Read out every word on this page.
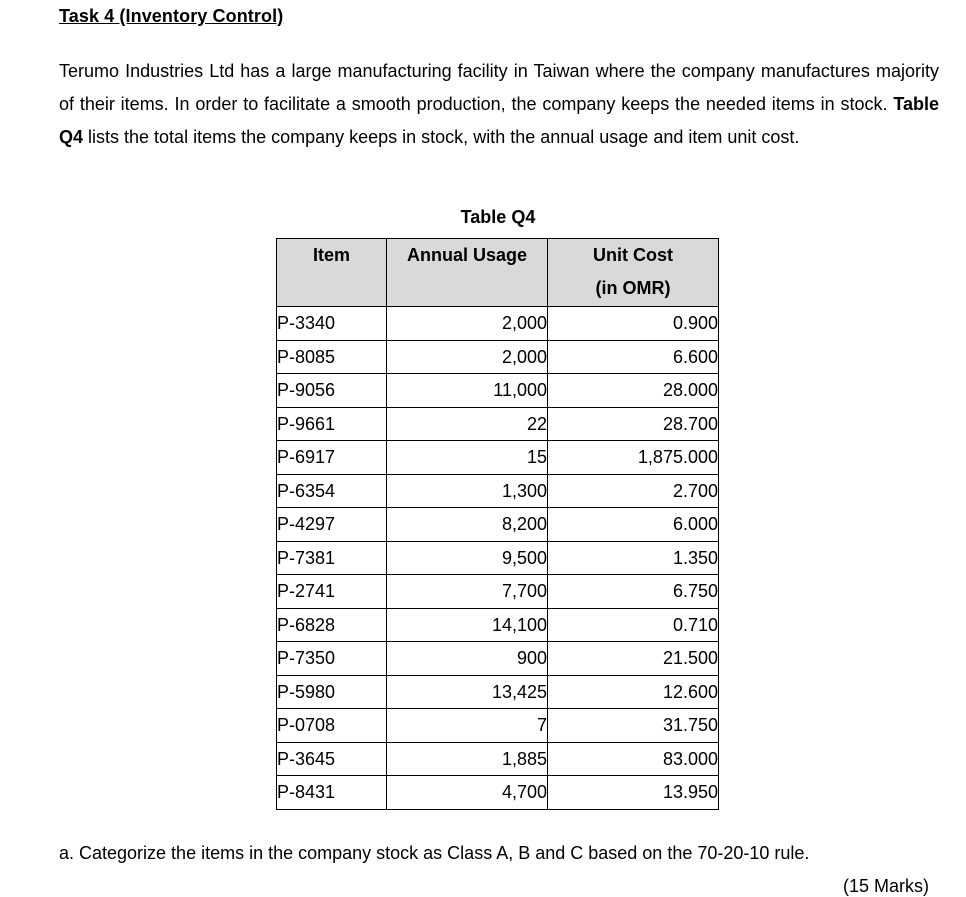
Task 4 (Inventory Control)

Terumo Industries Ltd has a large manufacturing facility in Taiwan where the company manufactures majority of their items. In order to facilitate a smooth production, the company keeps the needed items in stock. Table Q4 lists the total items the company keeps in stock, with the annual usage and item unit cost.

Table Q4
Item	Annual Usage	Unit Cost
(in OMR)
P-3340	2,000	0.900
P-8085	2,000	6.600
P-9056	11,000	28.000
P-9661	22	28.700
P-6917	15	1,875.000
P-6354	1,300	2.700
P-4297	8,200	6.000
P-7381	9,500	1.350
P-2741	7,700	6.750
P-6828	14,100	0.710
P-7350	900	21.500
P-5980	13,425	12.600
P-0708	7	31.750
P-3645	1,885	83.000
P-8431	4,700	13.950
a. Categorize the items in the company stock as Class A, B and C based on the 70-20-10 rule.
(15 Marks)
